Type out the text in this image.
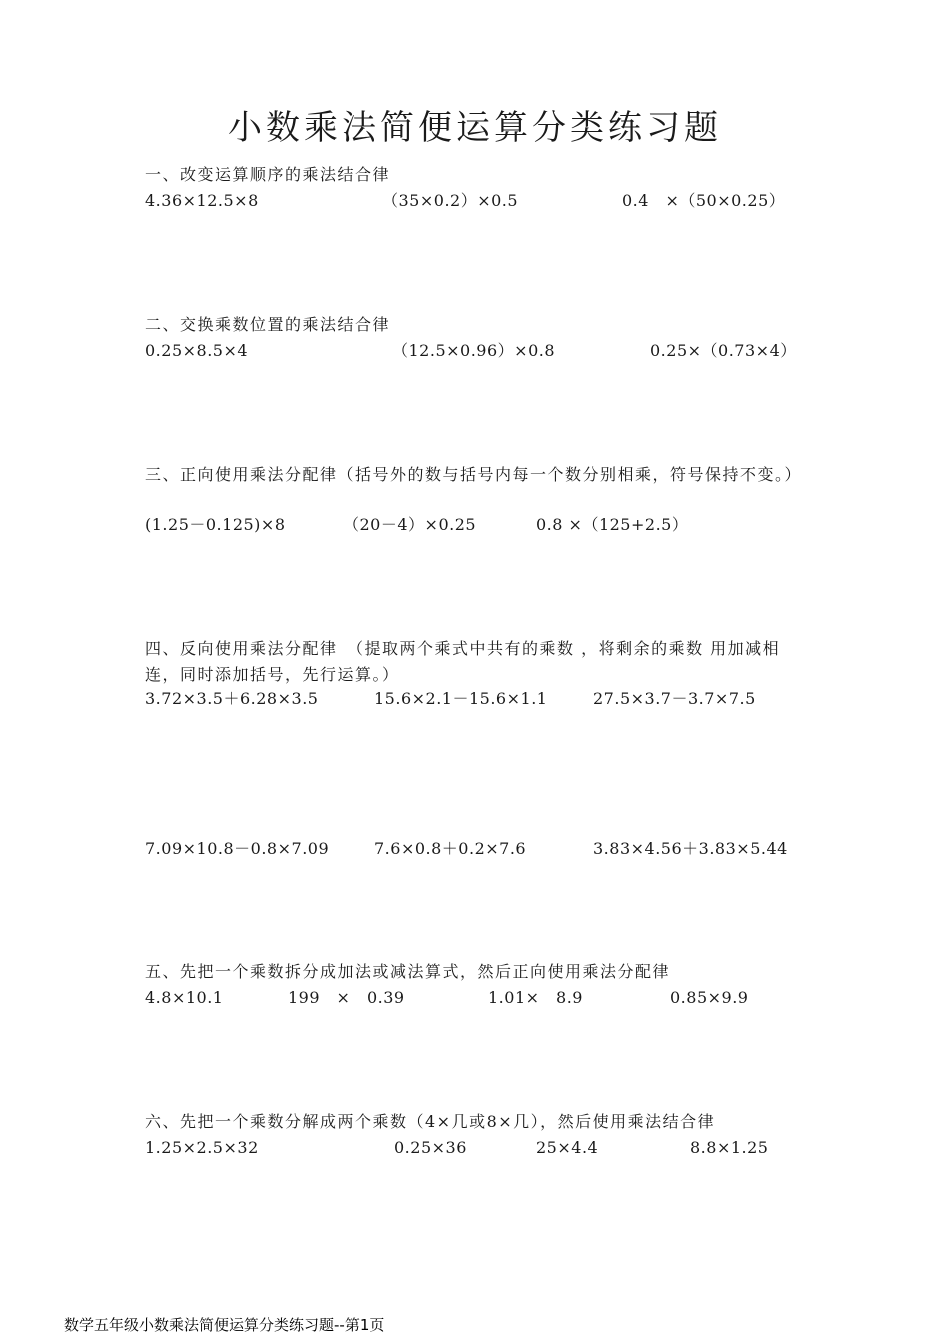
小数乘法简便运算分类练习题
一、改变运算顺序的乘法结合律
4.36×12.5×8	（35×0.2）×0.5	0.4　×（50×0.25）
二、交换乘数位置的乘法结合律
0.25×8.5×4	（12.5×0.96）×0.8	0.25×（0.73×4）
三、正向使用乘法分配律（括号外的数与括号内每一个数分别相乘，符号保持不变。）
(1.25－0.125)×8	（20－4）×0.25	0.8 ×（125+2.5）
四、反向使用乘法分配律　（提取两个乘式中共有的乘数 ，将剩余的乘数 用加减相连，同时添加括号，先行运算。）
3.72×3.5＋6.28×3.5	15.6×2.1－15.6×1.1	27.5×3.7－3.7×7.5
7.09×10.8－0.8×7.09	7.6×0.8＋0.2×7.6	3.83×4.56＋3.83×5.44
五、先把一个乘数拆分成加法或减法算式，然后正向使用乘法分配律
4.8×10.1	199　×　0.39	1.01×　8.9	0.85×9.9
六、先把一个乘数分解成两个乘数（4×几或8×几），然后使用乘法结合律
1.25×2.5×32	0.25×36	25×4.4	8.8×1.25
数学五年级小数乘法简便运算分类练习题--第1页
